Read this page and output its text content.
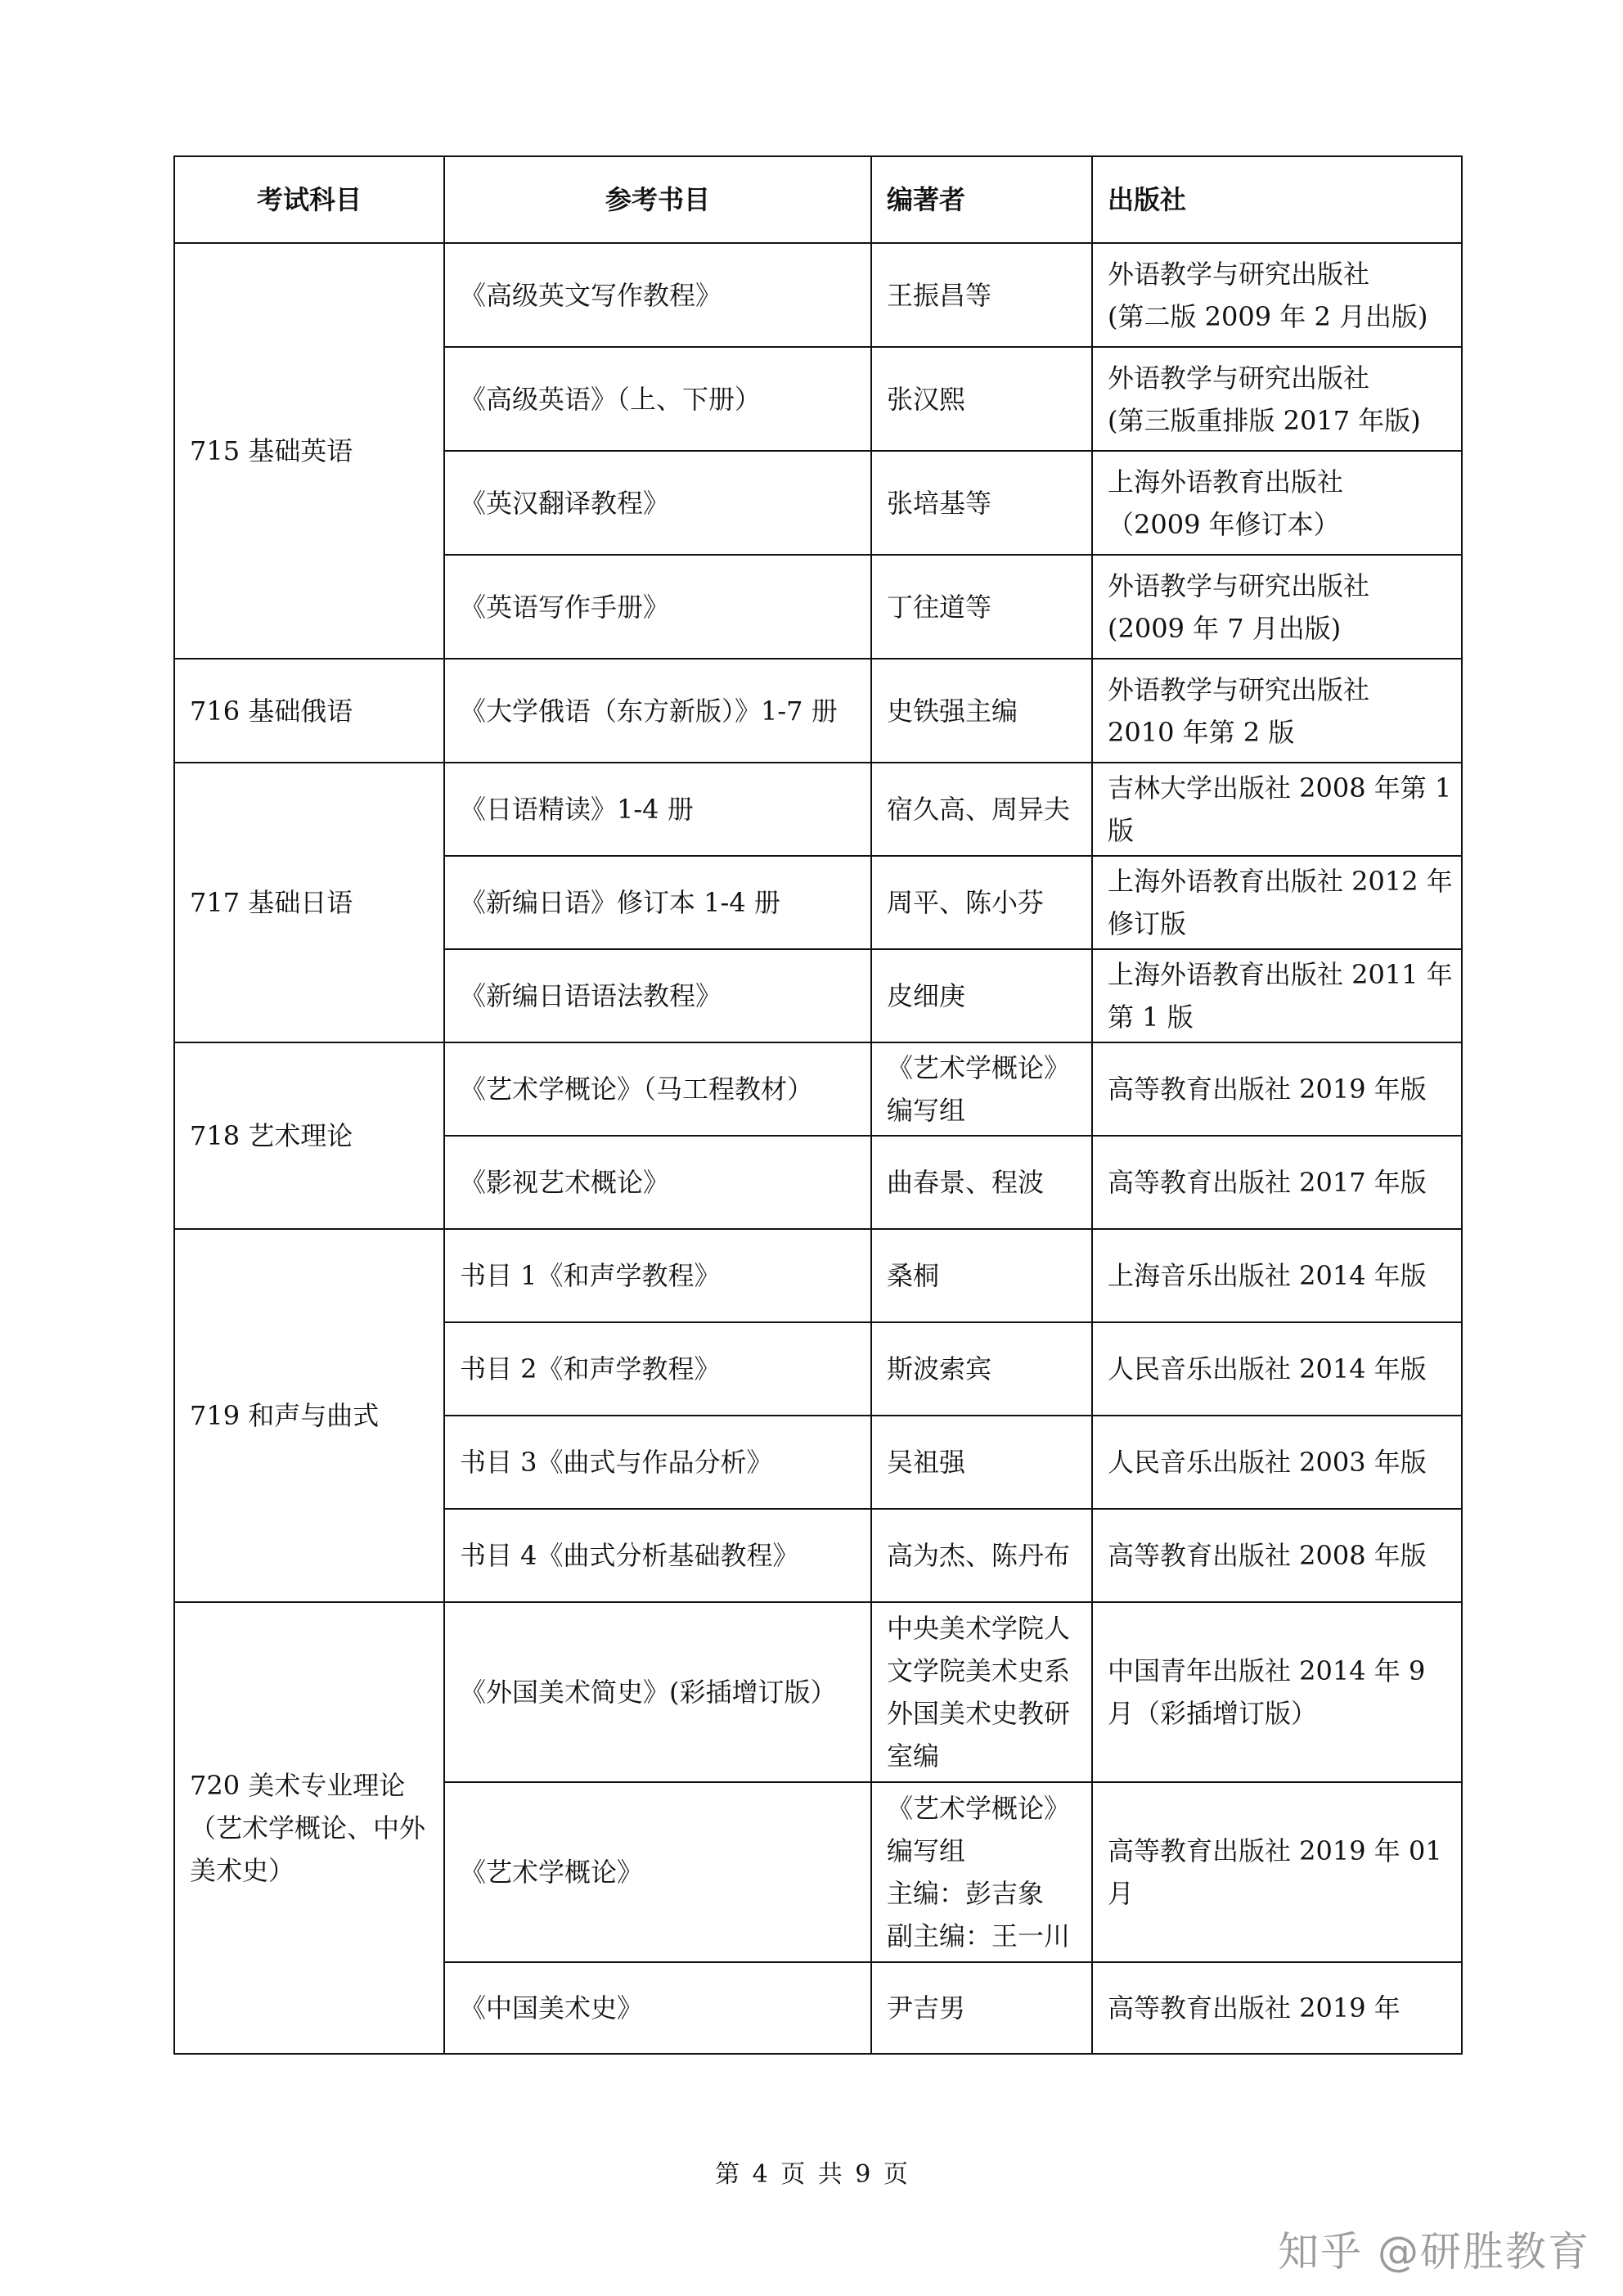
考试科目	参考书目	编著者	出版社
715 基础英语	《高级英文写作教程》	王振昌等	外语教学与研究出版社
(第二版 2009 年 2 月出版)
	《高级英语》（上、下册）	张汉熙	外语教学与研究出版社
(第三版重排版 2017 年版)
	《英汉翻译教程》	张培基等	上海外语教育出版社
（2009 年修订本）
	《英语写作手册》	丁往道等	外语教学与研究出版社
(2009 年 7 月出版)
716 基础俄语	《大学俄语（东方新版）》1-7 册	史铁强主编	外语教学与研究出版社
2010 年第 2 版
717 基础日语	《日语精读》1-4 册	宿久高、周异夫	吉林大学出版社 2008 年第 1 版
	《新编日语》修订本 1-4 册	周平、陈小芬	上海外语教育出版社 2012 年修订版
	《新编日语语法教程》	皮细庚	上海外语教育出版社 2011 年第 1 版
718 艺术理论	《艺术学概论》（马工程教材）	《艺术学概论》
编写组	高等教育出版社 2019 年版
	《影视艺术概论》	曲春景、程波	高等教育出版社 2017 年版
719 和声与曲式	书目 1《和声学教程》	桑桐	上海音乐出版社 2014 年版
	书目 2《和声学教程》	斯波索宾	人民音乐出版社 2014 年版
	书目 3《曲式与作品分析》	吴祖强	人民音乐出版社 2003 年版
	书目 4《曲式分析基础教程》	高为杰、陈丹布	高等教育出版社 2008 年版
720 美术专业理论（艺术学概论、中外美术史）	《外国美术简史》(彩插增订版）	中央美术学院人文学院美术史系外国美术史教研室编	中国青年出版社 2014 年 9 月（彩插增订版）
	《艺术学概论》	《艺术学概论》
编写组
主编：彭吉象
副主编：王一川	高等教育出版社 2019 年 01 月
	《中国美术史》	尹吉男	高等教育出版社 2019 年
第 4 页 共 9 页
知乎 @研胜教育
